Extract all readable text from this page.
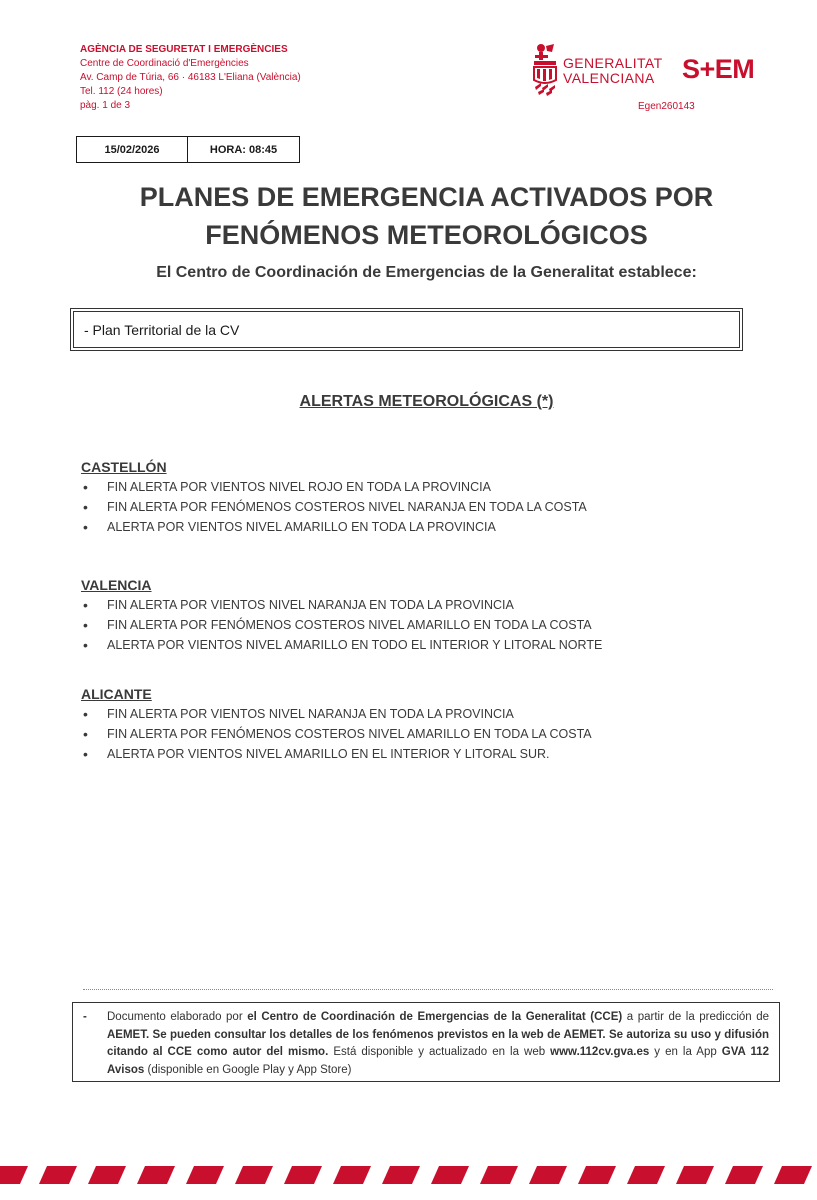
AGÈNCIA DE SEGURETAT I EMERGÈNCIES
Centre de Coordinació d'Emergències
Av. Camp de Túria, 66 · 46183 L'Eliana (València)
Tel. 112 (24 hores)
pàg. 1 de 3
GENERALITAT
VALENCIANA S+EM
Egen260143
15/02/2026	HORA: 08:45
PLANES DE EMERGENCIA ACTIVADOS POR
FENÓMENOS METEOROLÓGICOS
El Centro de Coordinación de Emergencias de la Generalitat establece:
- Plan Territorial de la CV
ALERTAS METEOROLÓGICAS (*)
CASTELLÓN
• FIN ALERTA POR VIENTOS NIVEL ROJO EN TODA LA PROVINCIA
• FIN ALERTA POR FENÓMENOS COSTEROS NIVEL NARANJA EN TODA LA COSTA
• ALERTA POR VIENTOS NIVEL AMARILLO EN TODA LA PROVINCIA
VALENCIA
• FIN ALERTA POR VIENTOS NIVEL NARANJA EN TODA LA PROVINCIA
• FIN ALERTA POR FENÓMENOS COSTEROS NIVEL AMARILLO EN TODA LA COSTA
• ALERTA POR VIENTOS NIVEL AMARILLO EN TODO EL INTERIOR Y LITORAL NORTE
ALICANTE
• FIN ALERTA POR VIENTOS NIVEL NARANJA EN TODA LA PROVINCIA
• FIN ALERTA POR FENÓMENOS COSTEROS NIVEL AMARILLO EN TODA LA COSTA
• ALERTA POR VIENTOS NIVEL AMARILLO EN EL INTERIOR Y LITORAL SUR.
- Documento elaborado por el Centro de Coordinación de Emergencias de la Generalitat (CCE) a partir de la predicción de AEMET. Se pueden consultar los detalles de los fenómenos previstos en la web de AEMET. Se autoriza su uso y difusión citando al CCE como autor del mismo. Está disponible y actualizado en la web www.112cv.gva.es y en la App GVA 112 Avisos (disponible en Google Play y App Store)
